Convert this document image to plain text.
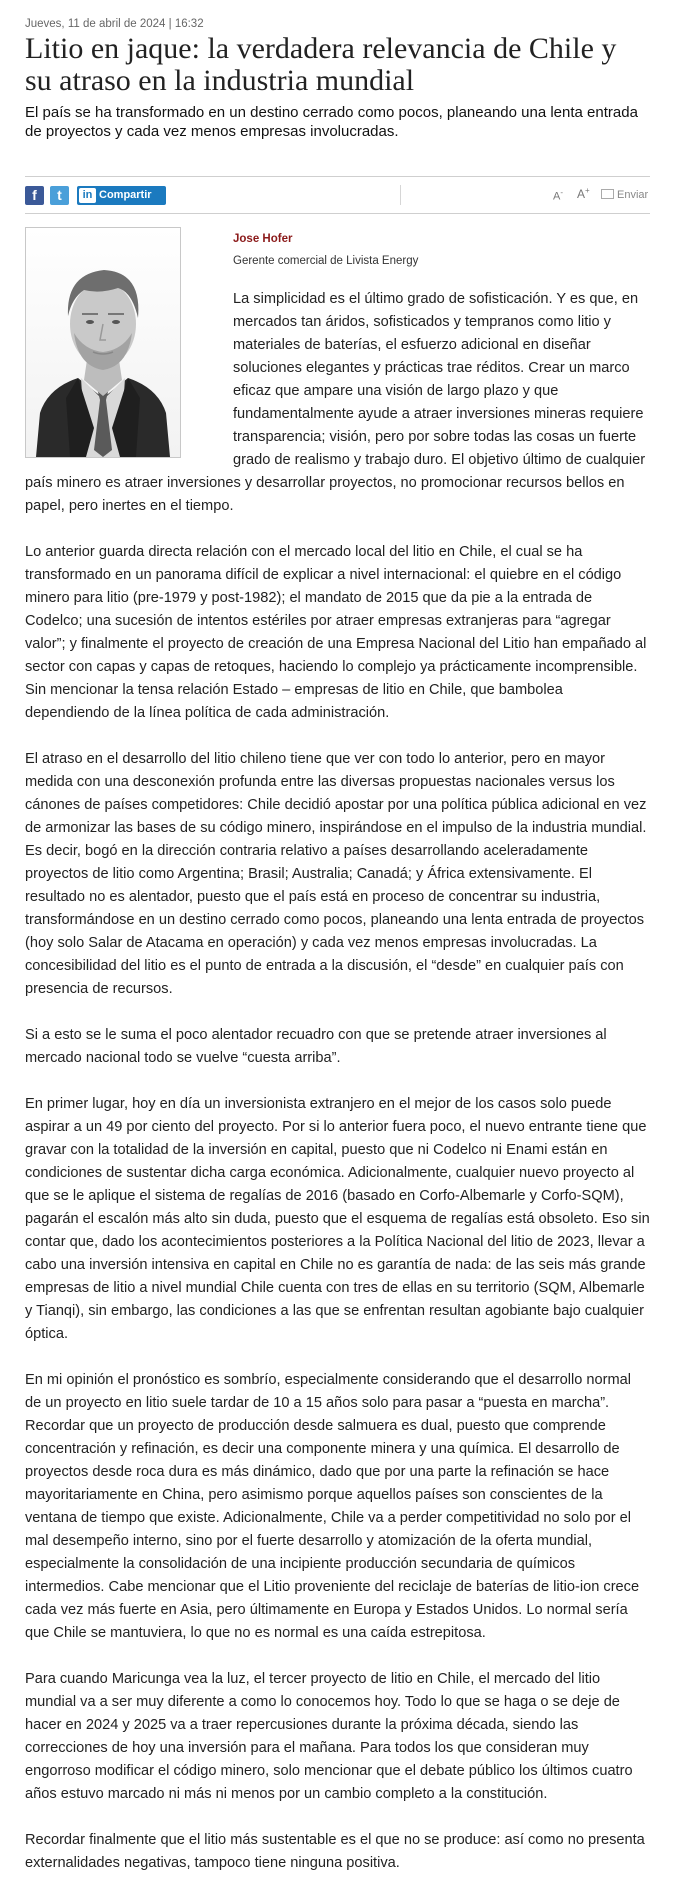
Jueves, 11 de abril de 2024 | 16:32
Litio en jaque: la verdadera relevancia de Chile y su atraso en la industria mundial

El país se ha transformado en un destino cerrado como pocos, planeando una lenta entrada de proyectos y cada vez menos empresas involucradas.

f	t	in Compartir	A- A+	Enviar
Jose Hofer
Gerente comercial de Livista Energy

La simplicidad es el último grado de sofisticación. Y es que, en mercados tan áridos, sofisticados y tempranos como litio y materiales de baterías, el esfuerzo adicional en diseñar soluciones elegantes y prácticas trae réditos. Crear un marco eficaz que ampare una visión de largo plazo y que fundamentalmente ayude a atraer inversiones mineras requiere transparencia; visión, pero por sobre todas las cosas un fuerte grado de realismo y trabajo duro. El objetivo último de cualquier país minero es atraer inversiones y desarrollar proyectos, no promocionar recursos bellos en papel, pero inertes en el tiempo.

Lo anterior guarda directa relación con el mercado local del litio en Chile, el cual se ha transformado en un panorama difícil de explicar a nivel internacional: el quiebre en el código minero para litio (pre-1979 y post-1982); el mandato de 2015 que da pie a la entrada de Codelco; una sucesión de intentos estériles por atraer empresas extranjeras para “agregar valor”; y finalmente el proyecto de creación de una Empresa Nacional del Litio han empañado al sector con capas y capas de retoques, haciendo lo complejo ya prácticamente incomprensible. Sin mencionar la tensa relación Estado – empresas de litio en Chile, que bambolea dependiendo de la línea política de cada administración.

El atraso en el desarrollo del litio chileno tiene que ver con todo lo anterior, pero en mayor medida con una desconexión profunda entre las diversas propuestas nacionales versus los cánones de países competidores: Chile decidió apostar por una política pública adicional en vez de armonizar las bases de su código minero, inspirándose en el impulso de la industria mundial. Es decir, bogó en la dirección contraria relativo a países desarrollando aceleradamente proyectos de litio como Argentina; Brasil; Australia; Canadá; y África extensivamente. El resultado no es alentador, puesto que el país está en proceso de concentrar su industria, transformándose en un destino cerrado como pocos, planeando una lenta entrada de proyectos (hoy solo Salar de Atacama en operación) y cada vez menos empresas involucradas. La concesibilidad del litio es el punto de entrada a la discusión, el “desde” en cualquier país con presencia de recursos.

Si a esto se le suma el poco alentador recuadro con que se pretende atraer inversiones al mercado nacional todo se vuelve “cuesta arriba”.

En primer lugar, hoy en día un inversionista extranjero en el mejor de los casos solo puede aspirar a un 49 por ciento del proyecto. Por si lo anterior fuera poco, el nuevo entrante tiene que gravar con la totalidad de la inversión en capital, puesto que ni Codelco ni Enami están en condiciones de sustentar dicha carga económica. Adicionalmente, cualquier nuevo proyecto al que se le aplique el sistema de regalías de 2016 (basado en Corfo-Albemarle y Corfo-SQM), pagarán el escalón más alto sin duda, puesto que el esquema de regalías está obsoleto. Eso sin contar que, dado los acontecimientos posteriores a la Política Nacional del litio de 2023, llevar a cabo una inversión intensiva en capital en Chile no es garantía de nada: de las seis más grande empresas de litio a nivel mundial Chile cuenta con tres de ellas en su territorio (SQM, Albemarle y Tianqi), sin embargo, las condiciones a las que se enfrentan resultan agobiante bajo cualquier óptica.

En mi opinión el pronóstico es sombrío, especialmente considerando que el desarrollo normal de un proyecto en litio suele tardar de 10 a 15 años solo para pasar a “puesta en marcha”. Recordar que un proyecto de producción desde salmuera es dual, puesto que comprende concentración y refinación, es decir una componente minera y una química. El desarrollo de proyectos desde roca dura es más dinámico, dado que por una parte la refinación se hace mayoritariamente en China, pero asimismo porque aquellos países son conscientes de la ventana de tiempo que existe. Adicionalmente, Chile va a perder competitividad no solo por el mal desempeño interno, sino por el fuerte desarrollo y atomización de la oferta mundial, especialmente la consolidación de una incipiente producción secundaria de químicos intermedios. Cabe mencionar que el Litio proveniente del reciclaje de baterías de litio-ion crece cada vez más fuerte en Asia, pero últimamente en Europa y Estados Unidos. Lo normal sería que Chile se mantuviera, lo que no es normal es una caída estrepitosa.

Para cuando Maricunga vea la luz, el tercer proyecto de litio en Chile, el mercado del litio mundial va a ser muy diferente a como lo conocemos hoy. Todo lo que se haga o se deje de hacer en 2024 y 2025 va a traer repercusiones durante la próxima década, siendo las correcciones de hoy una inversión para el mañana. Para todos los que consideran muy engorroso modificar el código minero, solo mencionar que el debate público los últimos cuatro años estuvo marcado ni más ni menos por un cambio completo a la constitución.

Recordar finalmente que el litio más sustentable es el que no se produce: así como no presenta externalidades negativas, tampoco tiene ninguna positiva.
